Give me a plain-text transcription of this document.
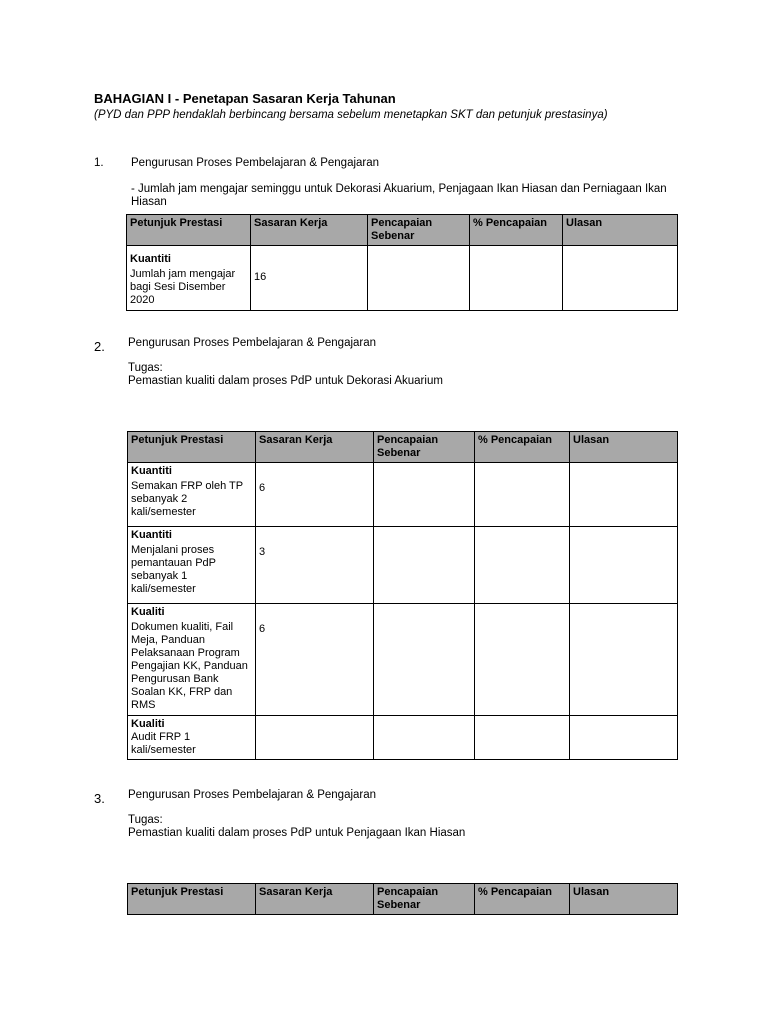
BAHAGIAN I - Penetapan Sasaran Kerja Tahunan
(PYD dan PPP hendaklah berbincang bersama sebelum menetapkan SKT dan petunjuk prestasinya)
1. Pengurusan Proses Pembelajaran & Pengajaran
- Jumlah jam mengajar seminggu untuk Dekorasi Akuarium, Penjagaan Ikan Hiasan dan Perniagaan Ikan Hiasan
Petunjuk Prestasi	Sasaran Kerja	Pencapaian Sebenar	% Pencapaian	Ulasan

Kuantiti
Jumlah jam mengajar bagi Sesi Disember 2020	16			

2. Pengurusan Proses Pembelajaran & Pengajaran
Tugas:
Pemastian kualiti dalam proses PdP untuk Dekorasi Akuarium
Petunjuk Prestasi	Sasaran Kerja	Pencapaian Sebenar	% Pencapaian	Ulasan

Kuantiti
Semakan FRP oleh TP sebanyak 2 kali/semester	6			

Kuantiti
Menjalani proses pemantauan PdP sebanyak 1 kali/semester	3			

Kualiti
Dokumen kualiti, Fail Meja, Panduan Pelaksanaan Program Pengajian KK, Panduan Pengurusan Bank Soalan KK, FRP dan RMS	6			

Kualiti
Audit FRP 1 kali/semester				

3. Pengurusan Proses Pembelajaran & Pengajaran
Tugas:
Pemastian kualiti dalam proses PdP untuk Penjagaan Ikan Hiasan
Petunjuk Prestasi	Sasaran Kerja	Pencapaian Sebenar	% Pencapaian	Ulasan
